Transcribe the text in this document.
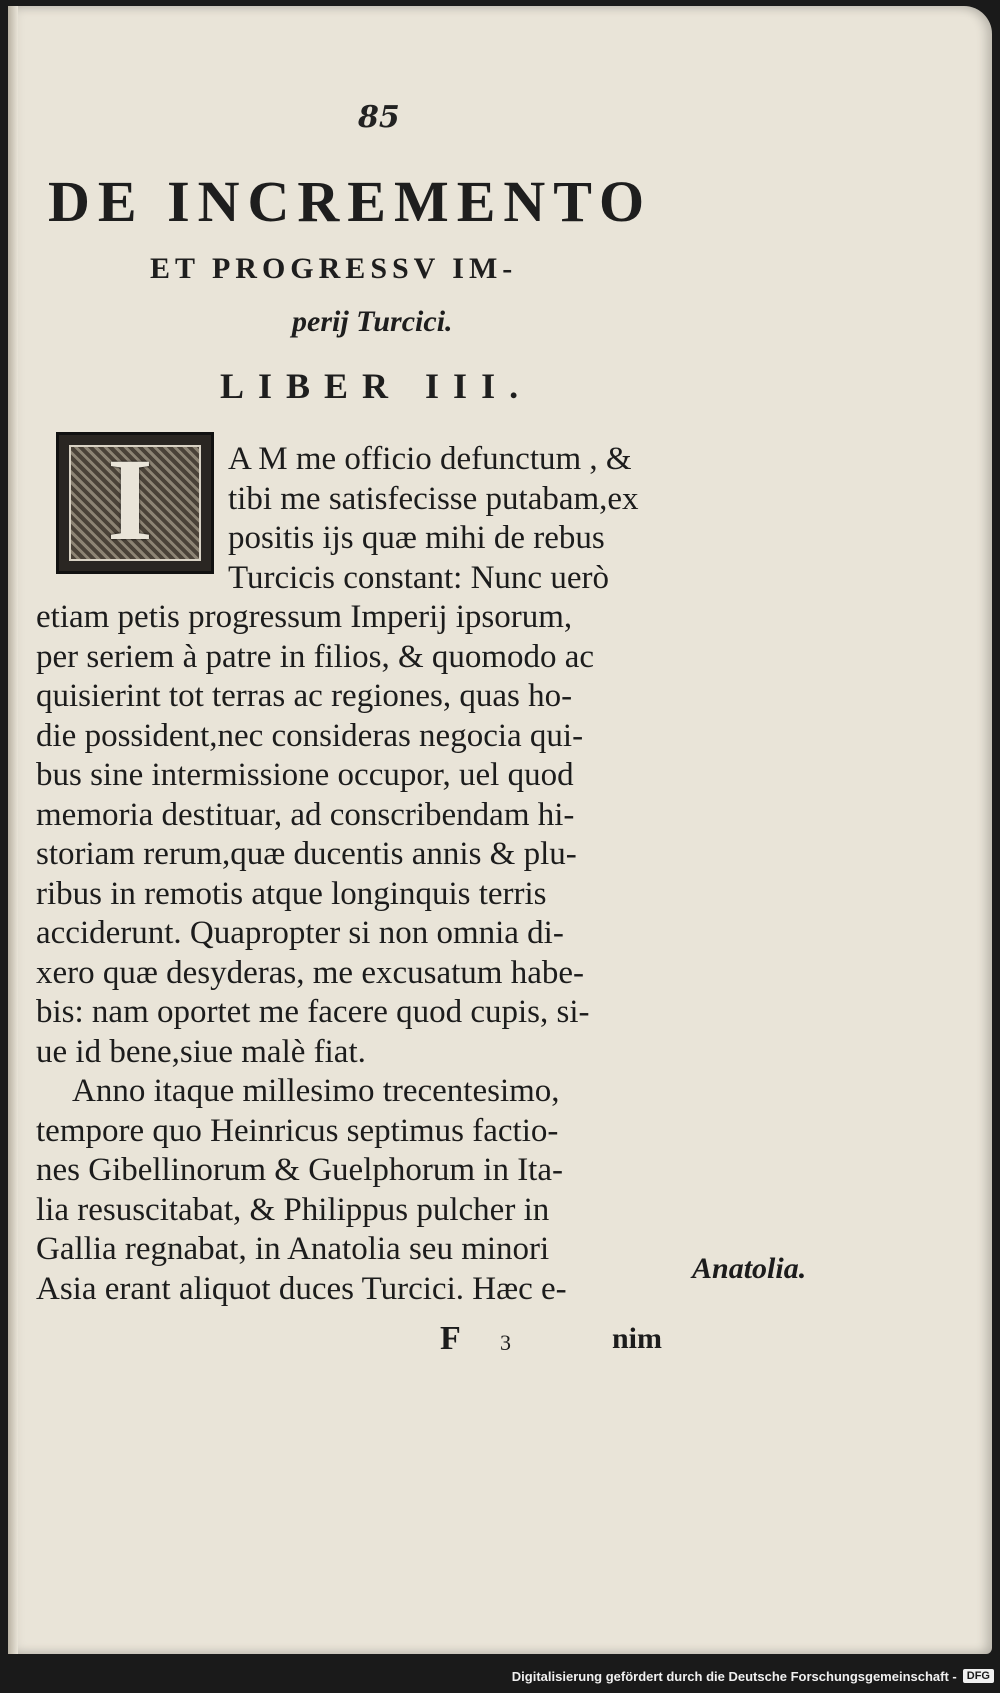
85
DE INCREMENTO
ET PROGRESSV IM-
perij Turcici.
LIBER III.
I	A M me officio defunctum , &
tibi me satisfecisse putabam,ex
positis ijs quæ mihi de rebus
Turcicis constant: Nunc uerò
etiam petis progressum Imperij ipsorum,
per seriem à patre in filios, & quomodo ac
quisierint tot terras ac regiones, quas ho-
die possident,nec consideras negocia qui-
bus sine intermissione occupor, uel quod
memoria destituar, ad conscribendam hi-
storiam rerum,quæ ducentis annis & plu-
ribus in remotis atque longinquis terris
acciderunt. Quapropter si non omnia di-
xero quæ desyderas, me excusatum habe-
bis: nam oportet me facere quod cupis, si-
ue id bene,siue malè fiat.
Anno itaque millesimo trecentesimo,
tempore quo Heinricus septimus factio-
nes Gibellinorum & Guelphorum in Ita-
lia resuscitabat, & Philippus pulcher in
Gallia regnabat, in Anatolia seu minori
Asia erant aliquot duces Turcici. Hæc e-
Anatolia.
F 3	nim
Digitalisierung gefördert durch die Deutsche Forschungsgemeinschaft - DFG
